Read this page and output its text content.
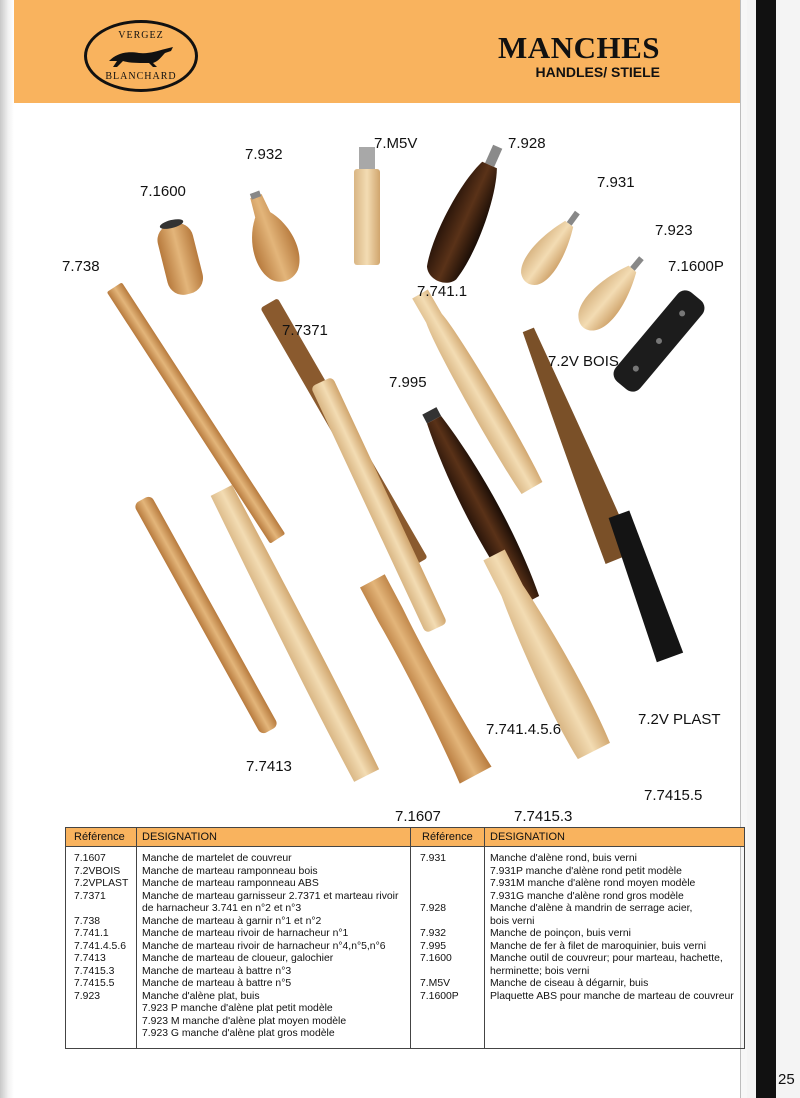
VERGEZ
BLANCHARD
MANCHES
HANDLES/ STIELE
7.932
7.M5V	7.928
7.1600
7.931
7.923
7.738	7.1600P
7.741.1
7.7371
7.2V BOIS
7.995
7.741.4.5.6
7.2V PLAST
7.7413
7.7415.5
7.1607	7.7415.3
Référence DESIGNATION	Référence DESIGNATION
7.1607	Manche de martelet de couvreur
7.2VBOIS Manche de marteau ramponneau bois
7.2VPLAST Manche de marteau ramponneau ABS
7.7371	Manche de marteau garnisseur 2.7371 et marteau rivoir
de harnacheur 3.741 en n°2 et n°3
7.738	Manche de marteau à garnir n°1 et n°2
7.741.1	Manche de marteau rivoir de harnacheur n°1
7.741.4.5.6 Manche de marteau rivoir de harnacheur n°4,n°5,n°6
7.7413	Manche de marteau de cloueur, galochier
7.7415.3	Manche de marteau à battre n°3
7.7415.5	Manche de marteau à battre n°5
7.923	Manche d'alène plat, buis
7.923 P manche d'alène plat petit modèle
7.923 M manche d'alène plat moyen modèle
7.923 G manche d'alène plat gros modèle
7.931	Manche d'alène rond, buis verni
7.931P manche d'alène rond petit modèle
7.931M manche d'alène rond moyen modèle
7.931G manche d'alène rond gros modèle
7.928	Manche d'alène à mandrin de serrage acier,
bois verni
7.932	Manche de poinçon, buis verni
7.995	Manche de fer à filet de maroquinier, buis verni
7.1600	Manche outil de couvreur; pour marteau, hachette,
herminette; bois verni
7.M5V	Manche de ciseau à dégarnir, buis
7.1600P	Plaquette ABS pour manche de marteau de couvreur
25
